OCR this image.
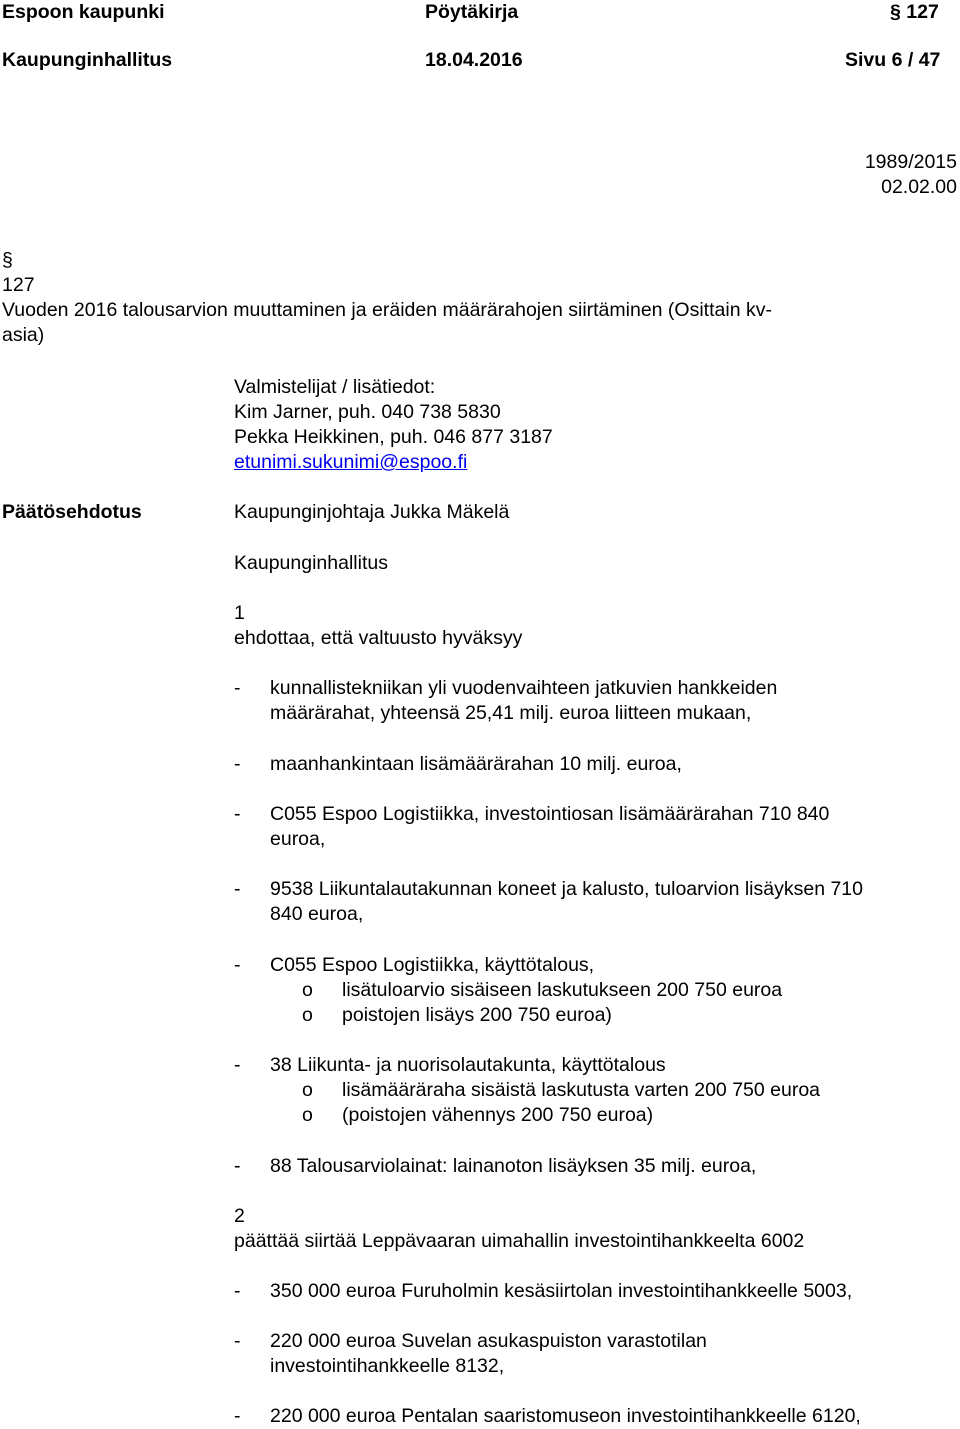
Espoon kaupunki	Pöytäkirja	§ 127
Kaupunginhallitus	18.04.2016	Sivu 6 / 47
1989/2015
02.02.00
§
127
Vuoden 2016 talousarvion muuttaminen ja eräiden määrärahojen siirtäminen (Osittain kv-
asia)
Valmistelijat / lisätiedot:
Kim Jarner, puh. 040 738 5830
Pekka Heikkinen, puh. 046 877 3187
etunimi.sukunimi@espoo.fi
Päätösehdotus	Kaupunginjohtaja Jukka Mäkelä
Kaupunginhallitus
1
ehdottaa, että valtuusto hyväksyy
- kunnallistekniikan yli vuodenvaihteen jatkuvien hankkeiden
määrärahat, yhteensä 25,41 milj. euroa liitteen mukaan,
- maanhankintaan lisämäärärahan 10 milj. euroa,
- C055 Espoo Logistiikka, investointiosan lisämäärärahan 710 840
euroa,
- 9538 Liikuntalautakunnan koneet ja kalusto, tuloarvion lisäyksen 710
840 euroa,
- C055 Espoo Logistiikka, käyttötalous,
o lisätuloarvio sisäiseen laskutukseen 200 750 euroa
o poistojen lisäys 200 750 euroa)
- 38 Liikunta- ja nuorisolautakunta, käyttötalous
o lisämääräraha sisäistä laskutusta varten 200 750 euroa
o (poistojen vähennys 200 750 euroa)
- 88 Talousarviolainat: lainanoton lisäyksen 35 milj. euroa,
2
päättää siirtää Leppävaaran uimahallin investointihankkeelta 6002
- 350 000 euroa Furuholmin kesäsiirtolan investointihankkeelle 5003,
- 220 000 euroa Suvelan asukaspuiston varastotilan
investointihankkeelle 8132,
- 220 000 euroa Pentalan saaristomuseon investointihankkeelle 6120,
